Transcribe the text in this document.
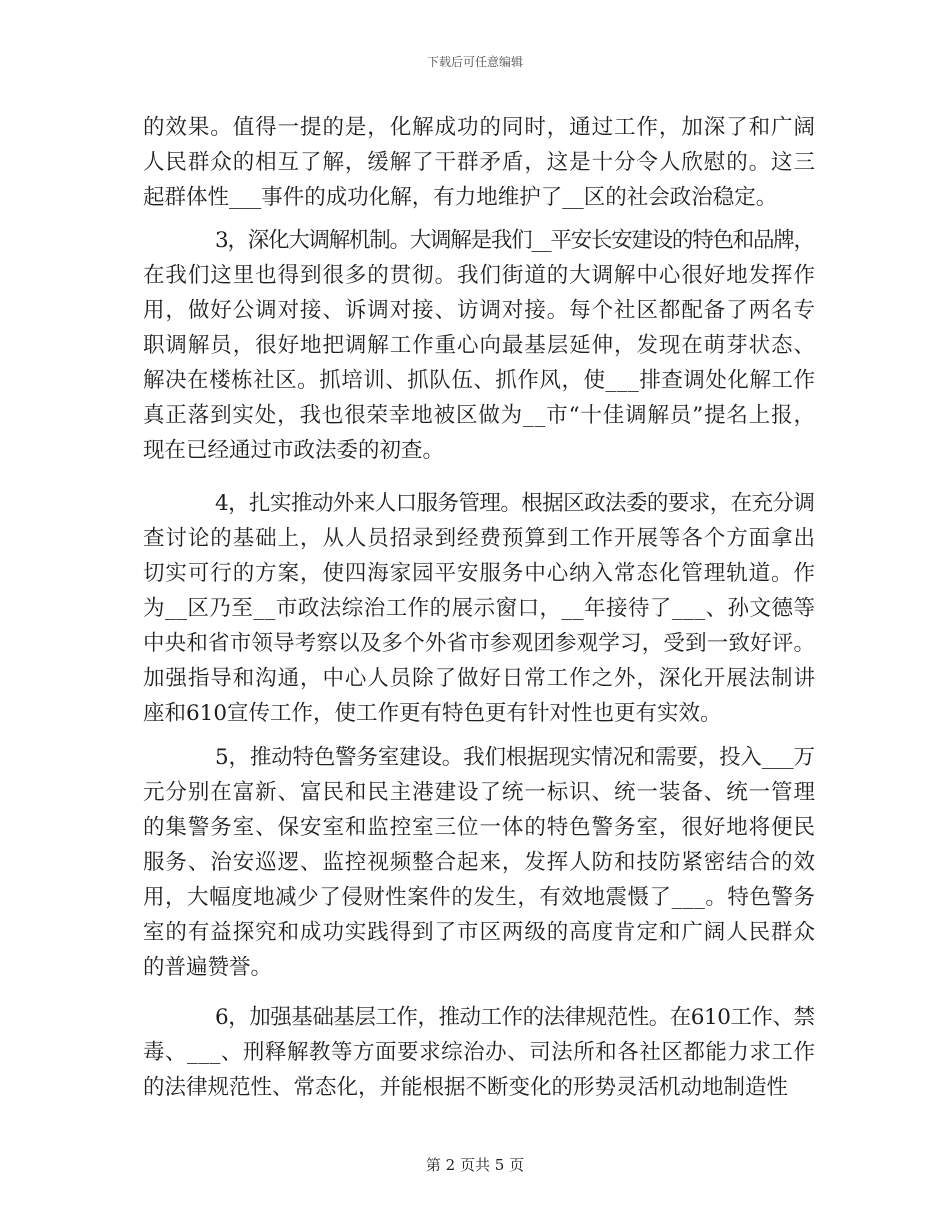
下载后可任意编辑
的效果。值得一提的是，化解成功的同时，通过工作，加深了和广阔
人民群众的相互了解，缓解了干群矛盾，这是十分令人欣慰的。这三
起群体性___事件的成功化解，有力地维护了__区的社会政治稳定。
3，深化大调解机制。大调解是我们__平安长安建设的特色和品牌，
在我们这里也得到很多的贯彻。我们街道的大调解中心很好地发挥作
用，做好公调对接、诉调对接、访调对接。每个社区都配备了两名专
职调解员，很好地把调解工作重心向最基层延伸，发现在萌芽状态、
解决在楼栋社区。抓培训、抓队伍、抓作风，使___排查调处化解工作
真正落到实处，我也很荣幸地被区做为__市“十佳调解员”提名上报，
现在已经通过市政法委的初查。
4，扎实推动外来人口服务管理。根据区政法委的要求，在充分调
查讨论的基础上，从人员招录到经费预算到工作开展等各个方面拿出
切实可行的方案，使四海家园平安服务中心纳入常态化管理轨道。作
为__区乃至__市政法综治工作的展示窗口，__年接待了___、孙文德等
中央和省市领导考察以及多个外省市参观团参观学习，受到一致好评。
加强指导和沟通，中心人员除了做好日常工作之外，深化开展法制讲
座和610宣传工作，使工作更有特色更有针对性也更有实效。
5，推动特色警务室建设。我们根据现实情况和需要，投入___万
元分别在富新、富民和民主港建设了统一标识、统一装备、统一管理
的集警务室、保安室和监控室三位一体的特色警务室，很好地将便民
服务、治安巡逻、监控视频整合起来，发挥人防和技防紧密结合的效
用，大幅度地减少了侵财性案件的发生，有效地震慑了___。特色警务
室的有益探究和成功实践得到了市区两级的高度肯定和广阔人民群众
的普遍赞誉。
6，加强基础基层工作，推动工作的法律规范性。在610工作、禁
毒、___、刑释解教等方面要求综治办、司法所和各社区都能力求工作
的法律规范性、常态化，并能根据不断变化的形势灵活机动地制造性
第 2 页共 5 页
